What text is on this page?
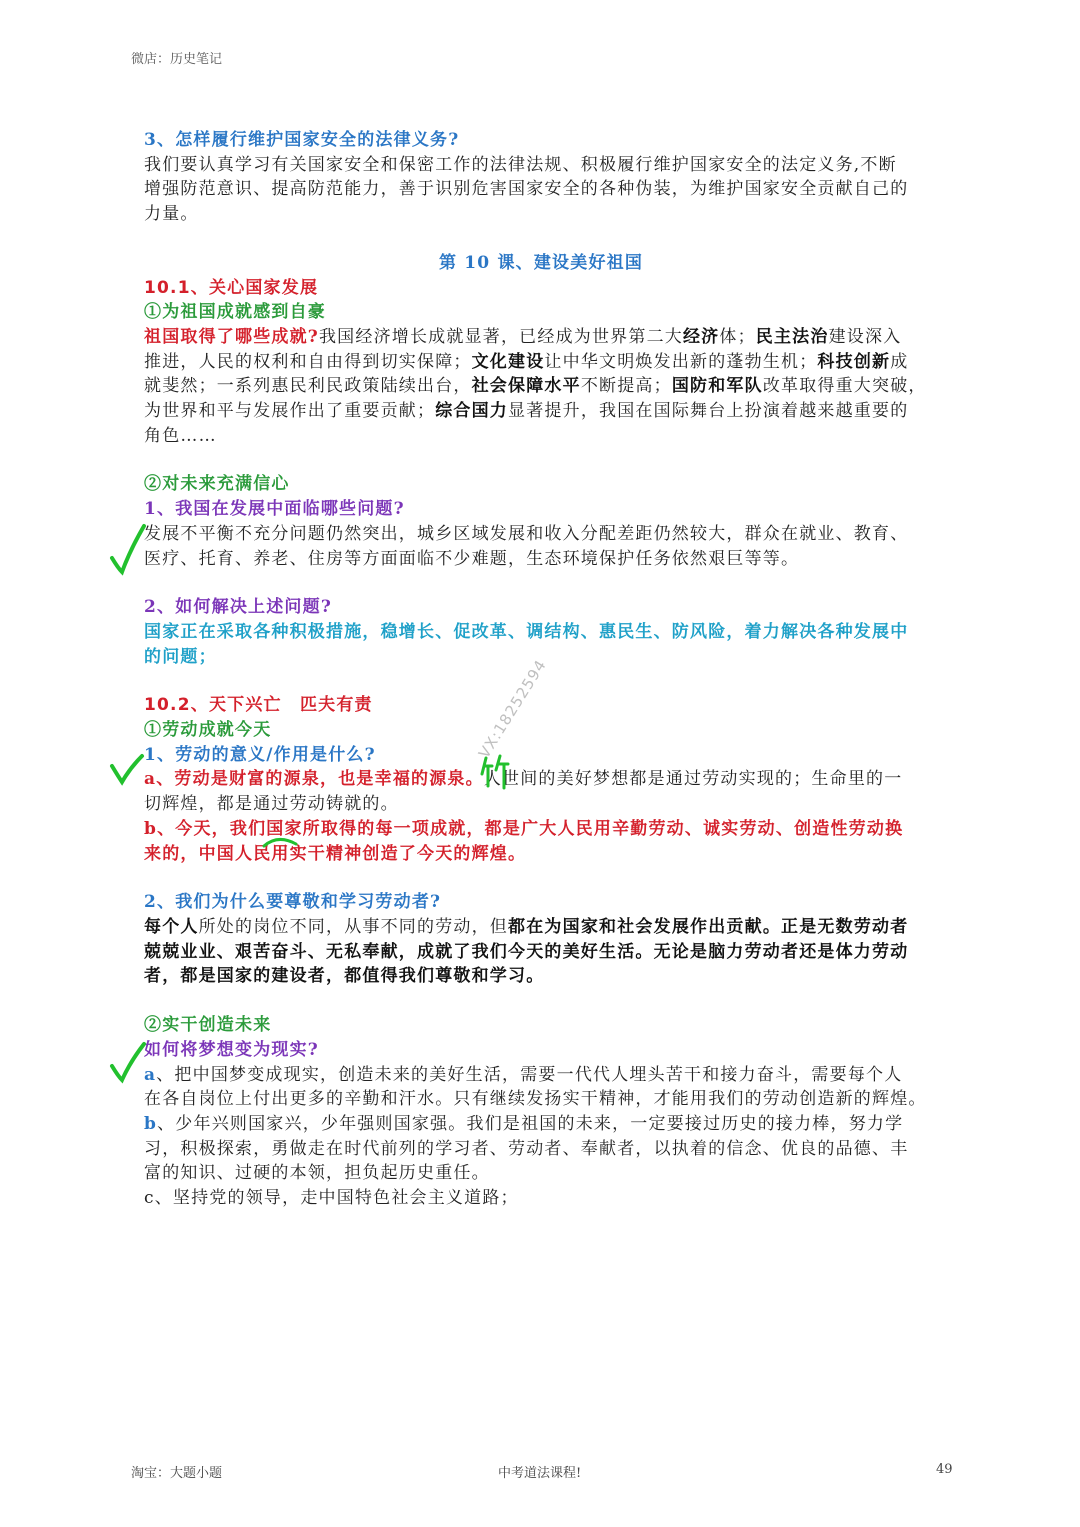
微店：历史笔记
3、怎样履行维护国家安全的法律义务?
我们要认真学习有关国家安全和保密工作的法律法规、积极履行维护国家安全的法定义务,不断
增强防范意识、提高防范能力，善于识别危害国家安全的各种伪装，为维护国家安全贡献自己的
力量。
第 10 课、建设美好祖国
10.1、关心国家发展
①为祖国成就感到自豪
祖国取得了哪些成就?我国经济增长成就显著，已经成为世界第二大经济体；民主法治建设深入
推进，人民的权利和自由得到切实保障；文化建设让中华文明焕发出新的蓬勃生机；科技创新成
就斐然；一系列惠民利民政策陆续出台，社会保障水平不断提高；国防和军队改革取得重大突破，
为世界和平与发展作出了重要贡献；综合国力显著提升，我国在国际舞台上扮演着越来越重要的
角色……
②对未来充满信心
1、我国在发展中面临哪些问题?
发展不平衡不充分问题仍然突出，城乡区域发展和收入分配差距仍然较大，群众在就业、教育、
医疗、托育、养老、住房等方面面临不少难题，生态环境保护任务依然艰巨等等。
2、如何解决上述问题?
国家正在采取各种积极措施，稳增长、促改革、调结构、惠民生、防风险，着力解决各种发展中
的问题；
10.2、天下兴亡　匹夫有责
①劳动成就今天
1、劳动的意义/作用是什么?
a、劳动是财富的源泉，也是幸福的源泉。人世间的美好梦想都是通过劳动实现的；生命里的一
切辉煌，都是通过劳动铸就的。
b、今天，我们国家所取得的每一项成就，都是广大人民用辛勤劳动、诚实劳动、创造性劳动换
来的，中国人民用实干精神创造了今天的辉煌。
2、我们为什么要尊敬和学习劳动者?
每个人所处的岗位不同，从事不同的劳动，但都在为国家和社会发展作出贡献。正是无数劳动者
兢兢业业、艰苦奋斗、无私奉献，成就了我们今天的美好生活。无论是脑力劳动者还是体力劳动
者，都是国家的建设者，都值得我们尊敬和学习。
②实干创造未来
如何将梦想变为现实?
a、把中国梦变成现实，创造未来的美好生活，需要一代代人埋头苦干和接力奋斗，需要每个人
在各自岗位上付出更多的辛勤和汗水。只有继续发扬实干精神，才能用我们的劳动创造新的辉煌。
b、少年兴则国家兴，少年强则国家强。我们是祖国的未来，一定要接过历史的接力棒，努力学
习，积极探索，勇做走在时代前列的学习者、劳动者、奉献者，以执着的信念、优良的品德、丰
富的知识、过硬的本领，担负起历史重任。
c、坚持党的领导，走中国特色社会主义道路；
VX:18252594
淘宝：大题小题	中考道法课程!	49
